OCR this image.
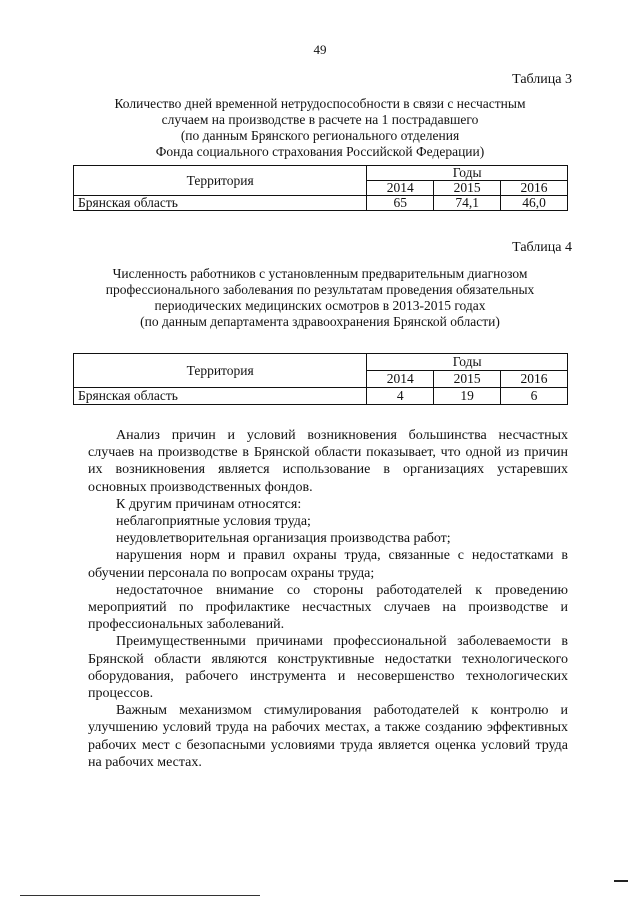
49
Таблица 3
Количество дней временной нетрудоспособности в связи с несчастным
случаем на производстве в расчете на 1 пострадавшего
(по данным Брянского регионального отделения
Фонда социального страхования Российской Федерации)
Территория	Годы		
	2014	2015	2016
Брянская область	65	74,1	46,0
Таблица 4
Численность работников с установленным предварительным диагнозом
профессионального заболевания по результатам проведения обязательных
периодических медицинских осмотров в 2013-2015 годах
(по данным департамента здравоохранения Брянской области)
Территория	Годы		
	2014	2015	2016
Брянская область	4	19	6

Анализ причин и условий возникновения большинства несчастных случаев на производстве в Брянской области показывает, что одной из причин их возникновения является использование в организациях устаревших основных производственных фондов.

К другим причинам относятся:

неблагоприятные условия труда;

неудовлетворительная организация производства работ;

нарушения норм и правил охраны труда, связанные с недостатками в обучении персонала по вопросам охраны труда;

недостаточное внимание со стороны работодателей к проведению мероприятий по профилактике несчастных случаев на производстве и профессиональных заболеваний.

Преимущественными причинами профессиональной заболеваемости в Брянской области являются конструктивные недостатки технологического оборудования, рабочего инструмента и несовершенство технологических процессов.

Важным механизмом стимулирования работодателей к контролю и улучшению условий труда на рабочих местах, а также созданию эффективных рабочих мест с безопасными условиями труда является оценка условий труда на рабочих местах.
